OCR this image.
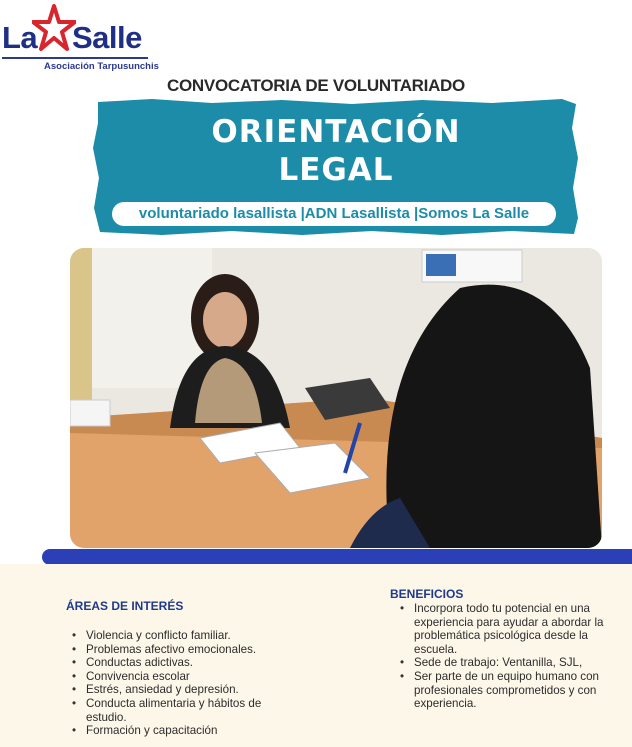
La Salle
Asociación Tarpusunchis
CONVOCATORIA DE VOLUNTARIADO
ORIENTACIÓN
LEGAL
voluntariado lasallista |ADN Lasallista |Somos La Salle
ÁREAS DE INTERÉS
• Violencia y conflicto familiar.
• Problemas afectivo emocionales.
• Conductas adictivas.
• Convivencia escolar
• Estrés, ansiedad y depresión.
• Conducta alimentaria y hábitos de estudio.
• Formación y capacitación
BENEFICIOS
• Incorpora todo tu potencial en una experiencia para ayudar a abordar la problemática psicológica desde la escuela.
• Sede de trabajo: Ventanilla, SJL,
• Ser parte de un equipo humano con profesionales comprometidos y con experiencia.
